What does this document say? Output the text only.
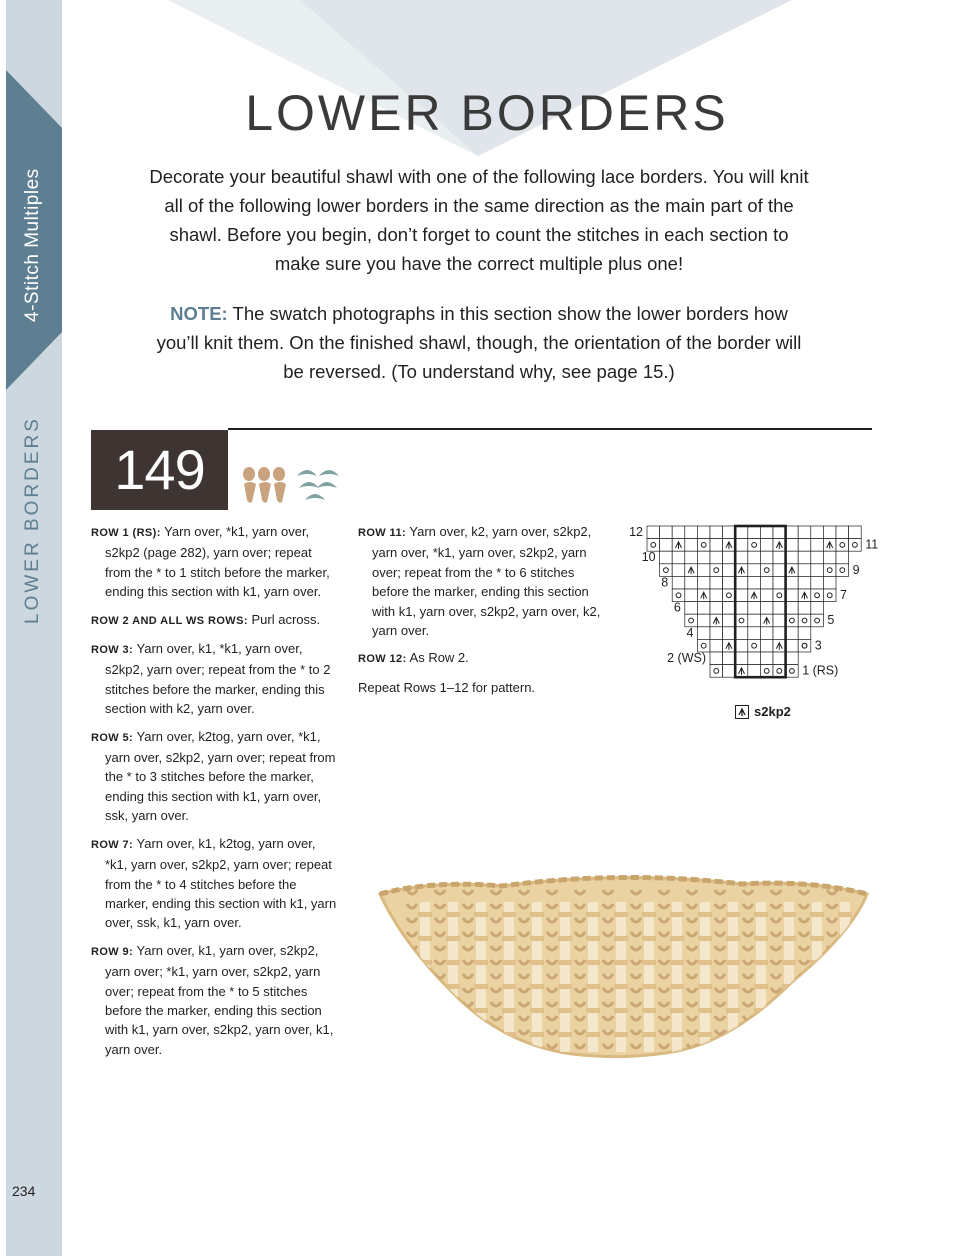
4-Stitch Multiples
LOWER BORDERS
234
LOWER BORDERS

Decorate your beautiful shawl with one of the following lace borders. You will knit all of the following lower borders in the same direction as the main part of the shawl. Before you begin, don’t forget to count the stitches in each section to make sure you have the correct multiple plus one!

NOTE: The swatch photographs in this section show the lower borders how you’ll knit them. On the finished shawl, though, the orientation of the border will be reversed. (To understand why, see page 15.)

149

ROW 1 (RS): Yarn over, *k1, yarn over, s2kp2 (page 282), yarn over; repeat from the * to 1 stitch before the marker, ending this section with k1, yarn over.

ROW 2 AND ALL WS ROWS: Purl across.

ROW 3: Yarn over, k1, *k1, yarn over, s2kp2, yarn over; repeat from the * to 2 stitches before the marker, ending this section with k2, yarn over.

ROW 5: Yarn over, k2tog, yarn over, *k1, yarn over, s2kp2, yarn over; repeat from the * to 3 stitches before the marker, ending this section with k1, yarn over, ssk, yarn over.

ROW 7: Yarn over, k1, k2tog, yarn over, *k1, yarn over, s2kp2, yarn over; repeat from the * to 4 stitches before the marker, ending this section with k1, yarn over, ssk, k1, yarn over.

ROW 9: Yarn over, k1, yarn over, s2kp2, yarn over; *k1, yarn over, s2kp2, yarn over; repeat from the * to 5 stitches before the marker, ending this section with k1, yarn over, s2kp2, yarn over, k1, yarn over.

ROW 11: Yarn over, k2, yarn over, s2kp2, yarn over, *k1, yarn over, s2kp2, yarn over; repeat from the * to 6 stitches before the marker, ending this section with k1, yarn over, s2kp2, yarn over, k2, yarn over.

ROW 12: As Row 2.

Repeat Rows 1–12 for pattern.

12
10
8
6
4
2 (WS)
11
9
7
5
3
1 (RS)
s2kp2
